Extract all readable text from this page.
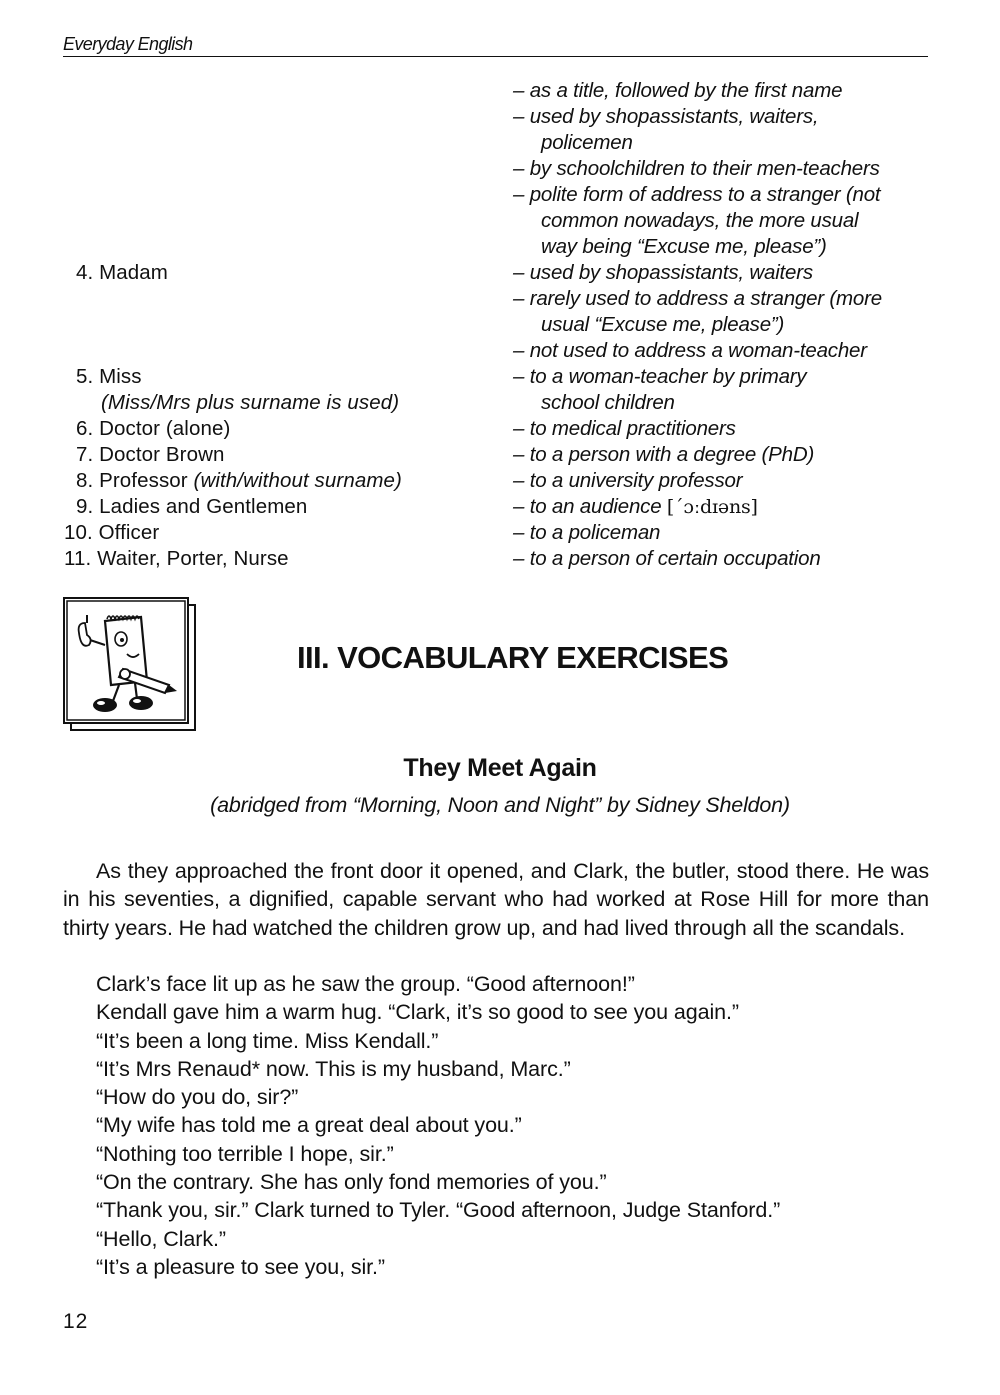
Everyday English
– as a title, followed by the first name
– used by shopassistants, waiters,
policemen
– by schoolchildren to their men-teachers
– polite form of address to a stranger (not
common nowadays, the more usual
way being “Excuse me, please”)
– used by shopassistants, waiters
– rarely used to address a stranger (more
usual “Excuse me, please”)
– not used to address a woman-teacher
– to a woman-teacher by primary
school children
– to medical practitioners
– to a person with a degree (PhD)
– to a university professor
– to an audience [ˊɔːdɪəns]
– to a policeman
– to a person of certain occupation
4. Madam
5. Miss
(Miss/Mrs plus surname is used)
6. Doctor (alone)
7. Doctor Brown
8. Professor (with/without surname)
9. Ladies and Gentlemen
10. Officer
11. Waiter, Porter, Nurse
III. VOCABULARY EXERCISES
They Meet Again
(abridged from “Morning, Noon and Night” by Sidney Sheldon)
As they approached the front door it opened, and Clark, the butler, stood there. He was in his seventies, a dignified, capable servant who had worked at Rose Hill for more than thirty years. He had watched the children grow up, and had lived through all the scandals.
Clark’s face lit up as he saw the group. “Good afternoon!”
Kendall gave him a warm hug. “Clark, it’s so good to see you again.”
“It’s been a long time. Miss Kendall.”
“It’s Mrs Renaud* now. This is my husband, Marc.”
“How do you do, sir?”
“My wife has told me a great deal about you.”
“Nothing too terrible I hope, sir.”
“On the contrary. She has only fond memories of you.”
“Thank you, sir.” Clark turned to Tyler. “Good afternoon, Judge Stanford.”
“Hello, Clark.”
“It’s a pleasure to see you, sir.”
12
